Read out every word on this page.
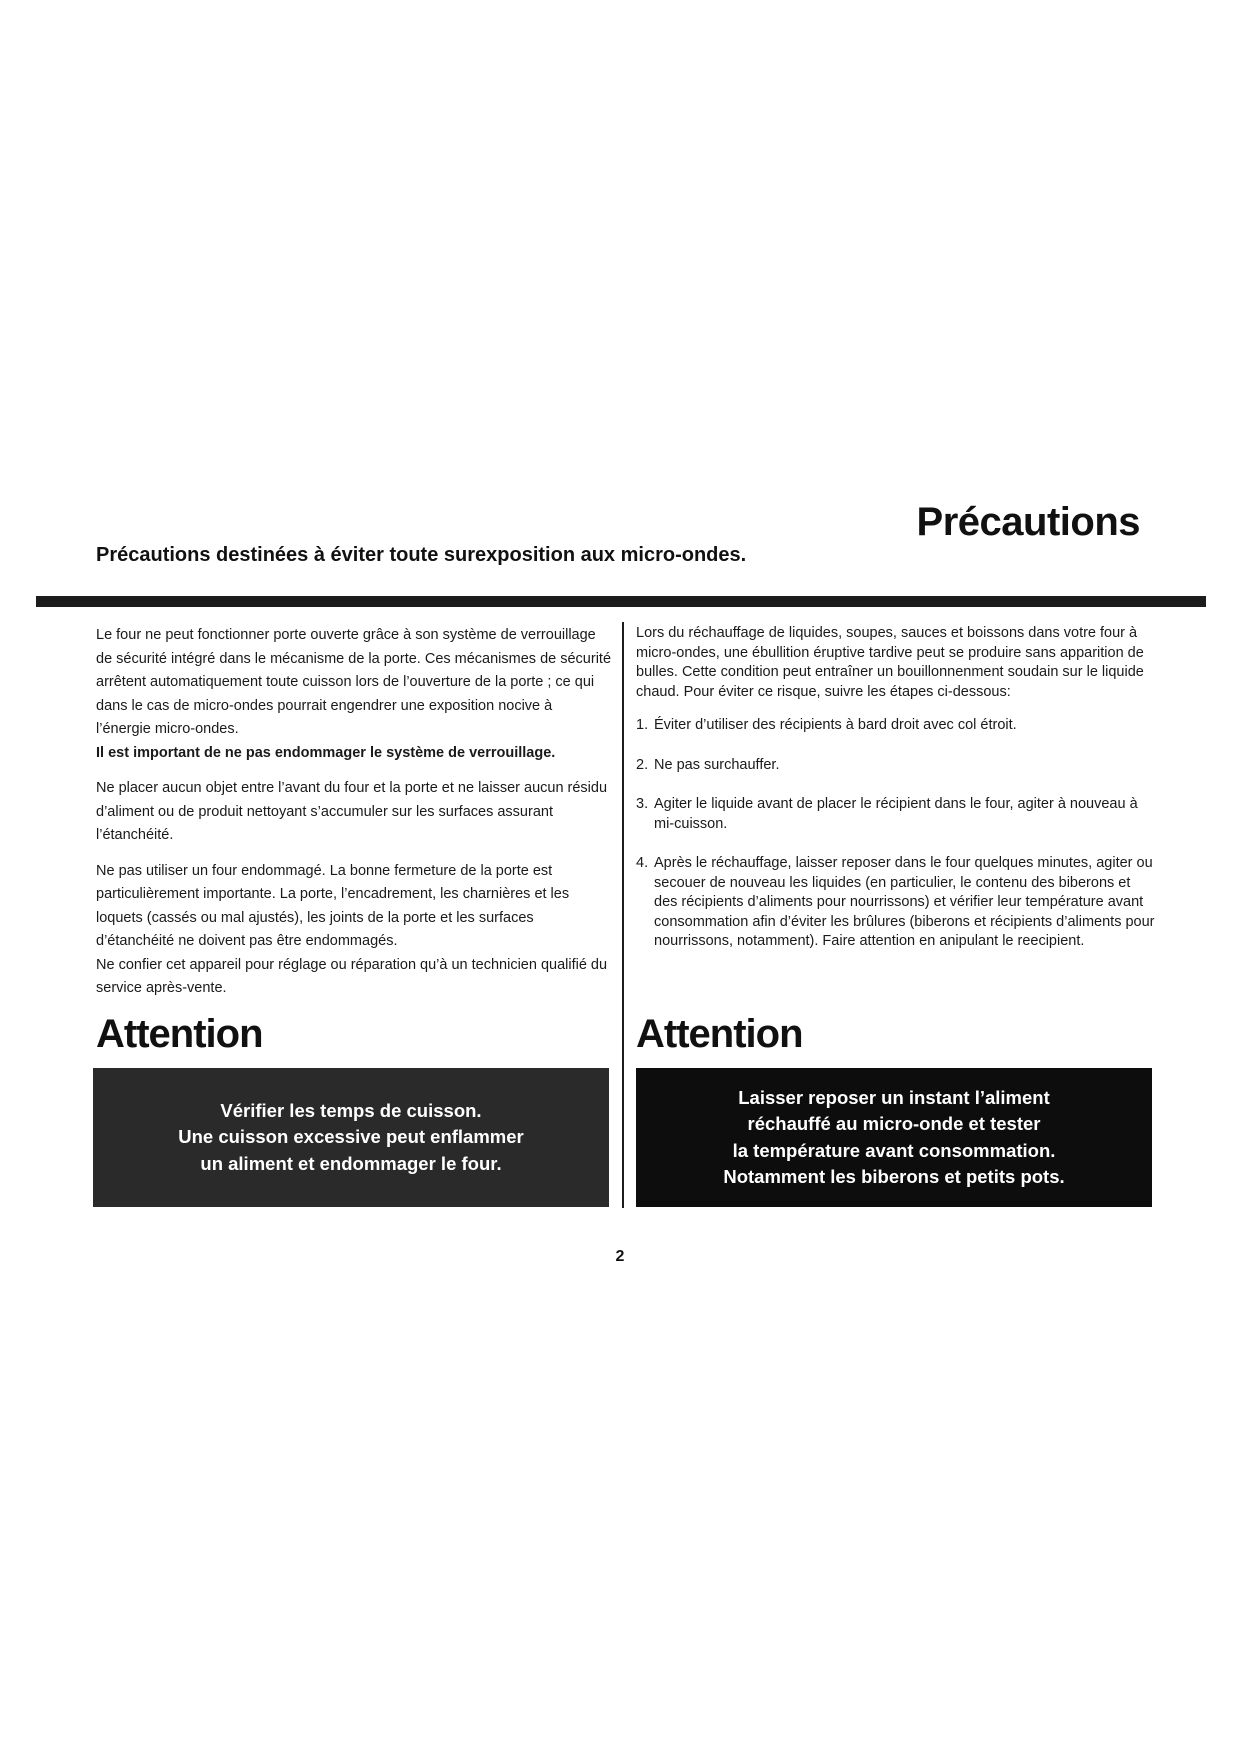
Précautions
Précautions destinées à éviter toute surexposition aux micro-ondes.

Le four ne peut fonctionner porte ouverte grâce à son système de verrouillage de sécurité intégré dans le mécanisme de la porte. Ces mécanismes de sécurité arrêtent automatiquement toute cuisson lors de l’ouverture de la porte ; ce qui dans le cas de micro-ondes pourrait engendrer une exposition nocive à l’énergie micro-ondes.
Il est important de ne pas endommager le système de verrouillage.

Ne placer aucun objet entre l’avant du four et la porte et ne laisser aucun résidu d’aliment ou de produit nettoyant s’accumuler sur les surfaces assurant l’étanchéité.

Ne pas utiliser un four endommagé. La bonne fermeture de la porte est particulièrement importante. La porte, l’encadrement, les charnières et les loquets (cassés ou mal ajustés), les joints de la porte et les surfaces d’étanchéité ne doivent pas être endommagés.
Ne confier cet appareil pour réglage ou réparation qu’à un technicien qualifié du service après-vente.

Lors du réchauffage de liquides, soupes, sauces et boissons dans votre four à micro-ondes, une ébullition éruptive tardive peut se produire sans apparition de bulles. Cette condition peut entraîner un bouillonnenment soudain sur le liquide chaud. Pour éviter ce risque, suivre les étapes ci-dessous:

1. Éviter d’utiliser des récipients à bard droit avec col étroit.
2. Ne pas surchauffer.
3. Agiter le liquide avant de placer le récipient dans le four, agiter à nouveau à mi-cuisson.
4. Après le réchauffage, laisser reposer dans le four quelques minutes, agiter ou secouer de nouveau les liquides (en particulier, le contenu des biberons et des récipients d’aliments pour nourrissons) et vérifier leur température avant consommation afin d’éviter les brûlures (biberons et récipients d’aliments pour nourrissons, notamment). Faire attention en anipulant le reecipient.
Attention	Attention
Vérifier les temps de cuisson.
Une cuisson excessive peut enflammer
un aliment et endommager le four.
Laisser reposer un instant l’aliment
réchauffé au micro-onde et tester
la température avant consommation.
Notamment les biberons et petits pots.
2
